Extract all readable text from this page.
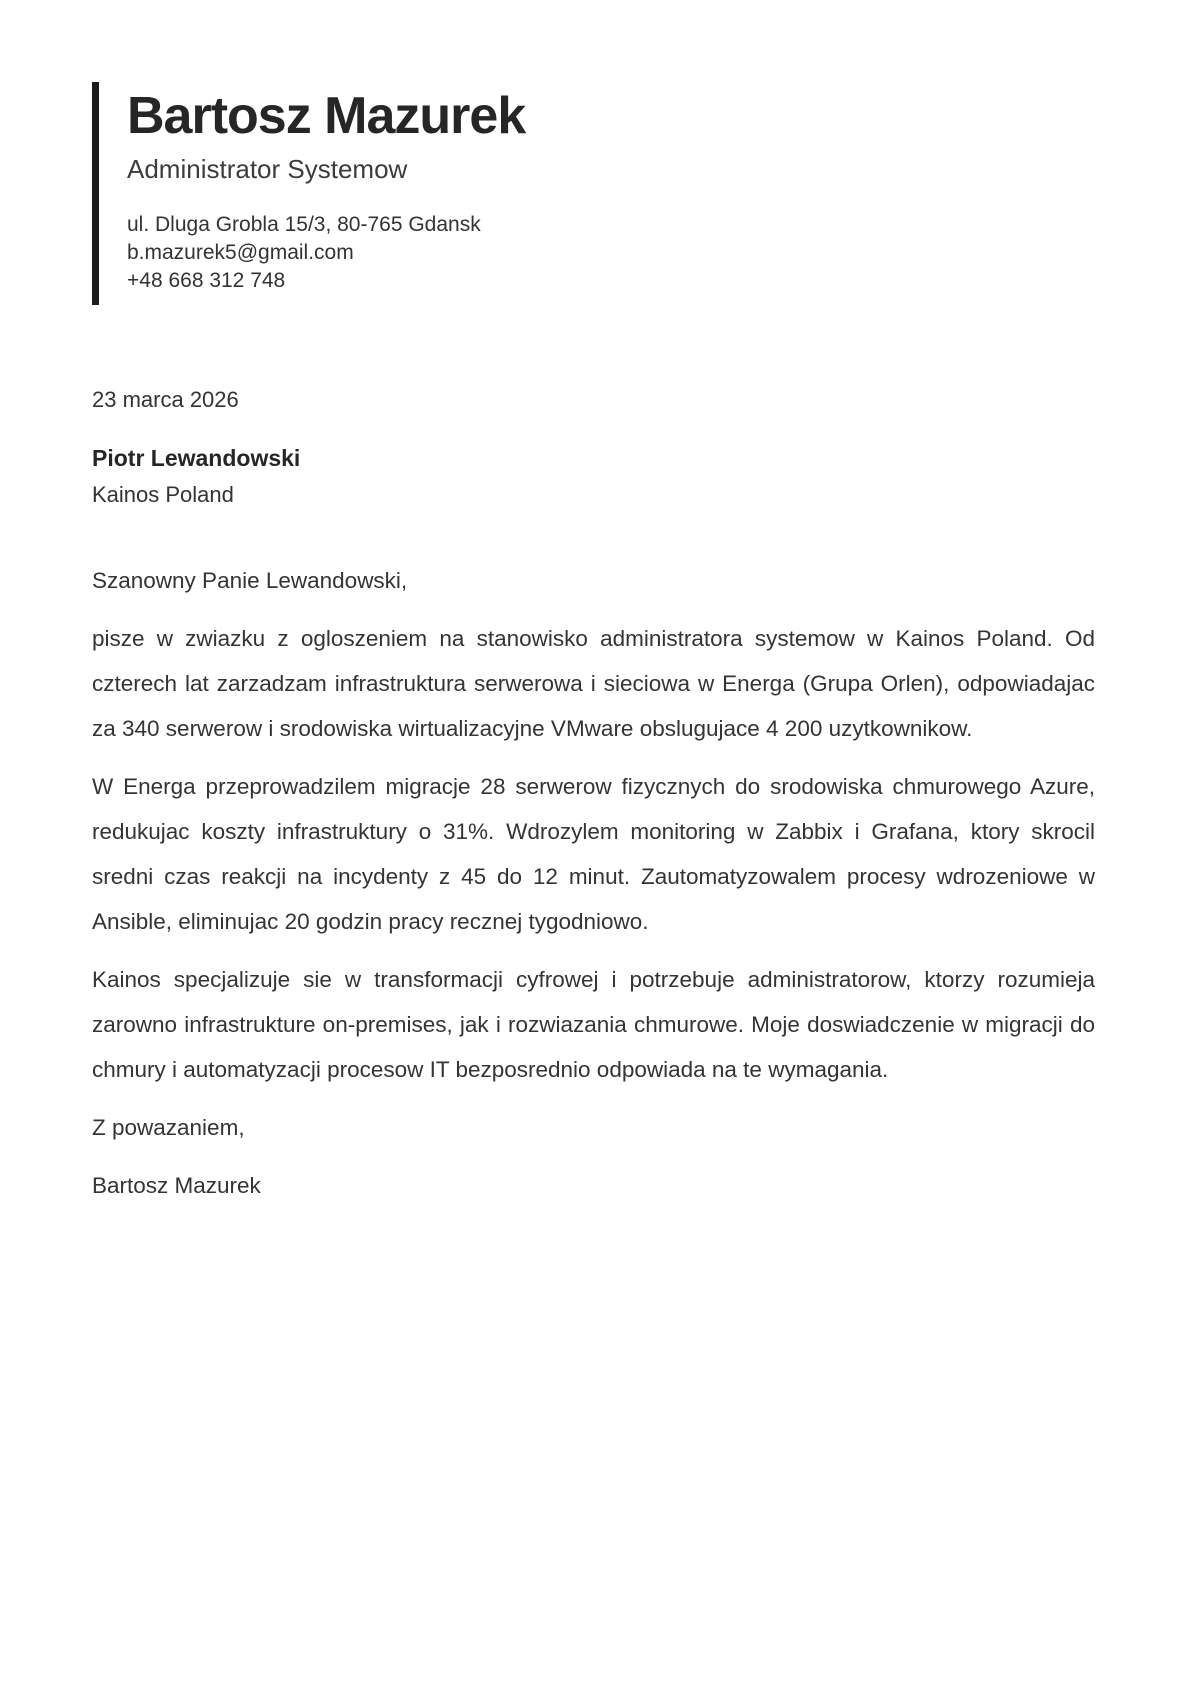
Bartosz Mazurek
Administrator Systemow
ul. Dluga Grobla 15/3, 80-765 Gdansk
b.mazurek5@gmail.com
+48 668 312 748
23 marca 2026
Piotr Lewandowski
Kainos Poland

Szanowny Panie Lewandowski,

pisze w zwiazku z ogloszeniem na stanowisko administratora systemow w Kainos Poland. Od czterech lat zarzadzam infrastruktura serwerowa i sieciowa w Energa (Grupa Orlen), odpowiadajac za 340 serwerow i srodowiska wirtualizacyjne VMware obslugujace 4 200 uzytkownikow.

W Energa przeprowadzilem migracje 28 serwerow fizycznych do srodowiska chmurowego Azure, redukujac koszty infrastruktury o 31%. Wdrozylem monitoring w Zabbix i Grafana, ktory skrocil sredni czas reakcji na incydenty z 45 do 12 minut. Zautomatyzowalem procesy wdrozeniowe w Ansible, eliminujac 20 godzin pracy recznej tygodniowo.

Kainos specjalizuje sie w transformacji cyfrowej i potrzebuje administratorow, ktorzy rozumieja zarowno infrastrukture on-premises, jak i rozwiazania chmurowe. Moje doswiadczenie w migracji do chmury i automatyzacji procesow IT bezposrednio odpowiada na te wymagania.

Z powazaniem,

Bartosz Mazurek
